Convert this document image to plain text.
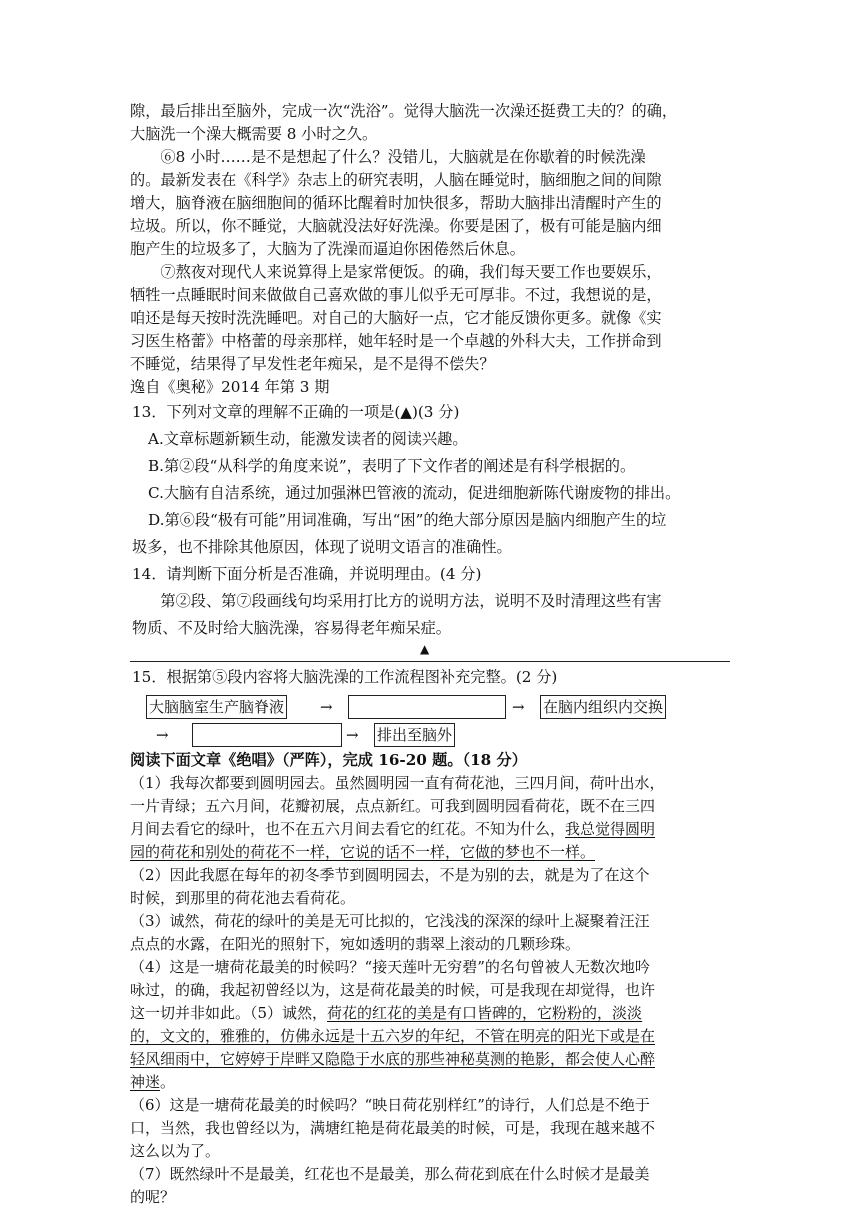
隙，最后排出至脑外，完成一次“洗浴”。觉得大脑洗一次澡还挺费工夫的？的确，
大脑洗一个澡大概需要 8 小时之久。
⑥8 小时……是不是想起了什么？没错儿，大脑就是在你歇着的时候洗澡
的。最新发表在《科学》杂志上的研究表明，人脑在睡觉时，脑细胞之间的间隙
增大，脑脊液在脑细胞间的循环比醒着时加快很多，帮助大脑排出清醒时产生的
垃圾。所以，你不睡觉，大脑就没法好好洗澡。你要是困了，极有可能是脑内细
胞产生的垃圾多了，大脑为了洗澡而逼迫你困倦然后休息。
⑦熬夜对现代人来说算得上是家常便饭。的确，我们每天要工作也要娱乐，
牺牲一点睡眠时间来做做自己喜欢做的事儿似乎无可厚非。不过，我想说的是，
咱还是每天按时洗洗睡吧。对自己的大脑好一点，它才能反馈你更多。就像《实
习医生格蕾》中格蕾的母亲那样，她年轻时是一个卓越的外科大夫，工作拼命到
不睡觉，结果得了早发性老年痴呆，是不是得不偿失？
逸自《奥秘》2014 年第 3 期
13．下列对文章的理解不正确的一项是(▲)(3 分)
A.文章标题新颖生动，能激发读者的阅读兴趣。
B.第②段“从科学的角度来说”，表明了下文作者的阐述是有科学根据的。
C.大脑有自洁系统，通过加强淋巴管液的流动，促进细胞新陈代谢废物的排出。
D.第⑥段“极有可能”用词准确，写出“困”的绝大部分原因是脑内细胞产生的垃
圾多，也不排除其他原因，体现了说明文语言的准确性。
14．请判断下面分析是否准确，并说明理由。(4 分)
第②段、第⑦段画线句均采用打比方的说明方法，说明不及时清理这些有害
物质、不及时给大脑洗澡，容易得老年痴呆症。
▲
15．根据第⑤段内容将大脑洗澡的工作流程图补充完整。(2 分)
大脑脑室生产脑脊液 →	→ 在脑内组织内交换
→	→ 排出至脑外
阅读下面文章《绝唱》（严阵），完成 16-20 题。（18 分）
（1）我每次都要到圆明园去。虽然圆明园一直有荷花池，三四月间，荷叶出水，
一片青绿；五六月间，花瓣初展，点点新红。可我到圆明园看荷花，既不在三四
月间去看它的绿叶，也不在五六月间去看它的红花。不知为什么，我总觉得圆明
园的荷花和别处的荷花不一样，它说的话不一样，它做的梦也不一样。
（2）因此我愿在每年的初冬季节到圆明园去，不是为别的去，就是为了在这个
时候，到那里的荷花池去看荷花。
（3）诚然，荷花的绿叶的美是无可比拟的，它浅浅的深深的绿叶上凝聚着汪汪
点点的水露，在阳光的照射下，宛如透明的翡翠上滚动的几颗珍珠。
（4）这是一塘荷花最美的时候吗？“接天莲叶无穷碧”的名句曾被人无数次地吟
咏过，的确，我起初曾经以为，这是荷花最美的时候，可是我现在却觉得，也许
这一切并非如此。（5）诚然，荷花的红花的美是有口皆碑的，它粉粉的，淡淡
的，文文的，雅雅的，仿佛永远是十五六岁的年纪，不管在明亮的阳光下或是在
轻风细雨中，它婷婷于岸畔又隐隐于水底的那些神秘莫测的艳影，都会使人心醉
神迷。
（6）这是一塘荷花最美的时候吗？“映日荷花别样红”的诗行，人们总是不绝于
口，当然，我也曾经以为，满塘红艳是荷花最美的时候，可是，我现在越来越不
这么以为了。
（7）既然绿叶不是最美，红花也不是最美，那么荷花到底在什么时候才是最美
的呢？
